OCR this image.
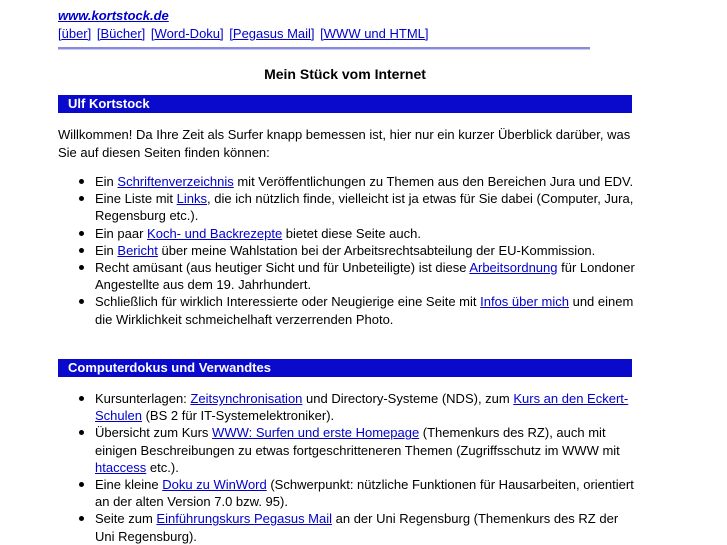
www.kortstock.de
[über] [Bücher] [Word-Doku] [Pegasus Mail] [WWW und HTML]
Mein Stück vom Internet
Ulf Kortstock

Willkommen! Da Ihre Zeit als Surfer knapp bemessen ist, hier nur ein kurzer Überblick darüber, was Sie auf diesen Seiten finden können:

Ein Schriftenverzeichnis mit Veröffentlichungen zu Themen aus den Bereichen Jura und EDV.
Eine Liste mit Links, die ich nützlich finde, vielleicht ist ja etwas für Sie dabei (Computer, Jura, Regensburg etc.).
Ein paar Koch- und Backrezepte bietet diese Seite auch.
Ein Bericht über meine Wahlstation bei der Arbeitsrechtsabteilung der EU-Kommission.
Recht amüsant (aus heutiger Sicht und für Unbeteiligte) ist diese Arbeitsordnung für Londoner Angestellte aus dem 19. Jahrhundert.
Schließlich für wirklich Interessierte oder Neugierige eine Seite mit Infos über mich und einem die Wirklichkeit schmeichelhaft verzerrenden Photo.
Computerdokus und Verwandtes
Kursunterlagen: Zeitsynchronisation und Directory-Systeme (NDS), zum Kurs an den Eckert-Schulen (BS 2 für IT-Systemelektroniker).
Übersicht zum Kurs WWW: Surfen und erste Homepage (Themenkurs des RZ), auch mit einigen Beschreibungen zu etwas fortgeschritteneren Themen (Zugriffsschutz im WWW mit htaccess etc.).
Eine kleine Doku zu WinWord (Schwerpunkt: nützliche Funktionen für Hausarbeiten, orientiert an der alten Version 7.0 bzw. 95).
Seite zum Einführungskurs Pegasus Mail an der Uni Regensburg (Themenkurs des RZ der Uni Regensburg).
